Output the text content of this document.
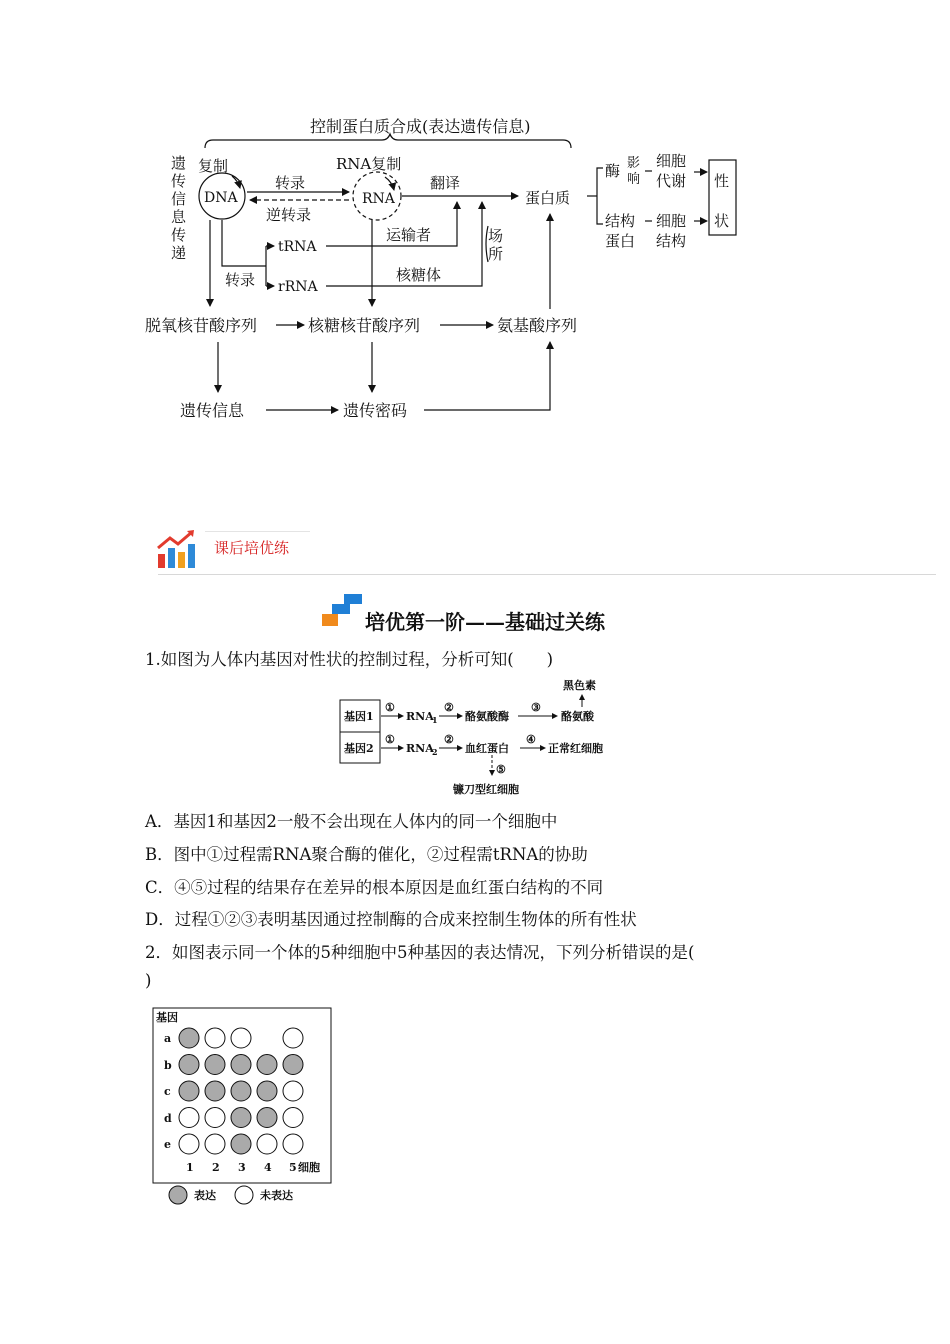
控制蛋白质合成(表达遗传信息)
遗
传
信
息
传
递
复制
DNA
RNA复制
RNA
转录
逆转录
翻译
蛋白质
酶 影
响
细胞
代谢 性
状
结构
蛋白
细胞
结构
tRNA
rRNA
转录
运输者
核糖体
场
所
脱氧核苷酸序列	核糖核苷酸序列	氨基酸序列
遗传信息	遗传密码
课后培优练
培优第一阶——基础过关练
1.如图为人体内基因对性状的控制过程，分析可知(　　)
基因1
基因2
①
RNA
1
②
酪氨酸酶
③
酪氨酸
黑色素
①
RNA
2
②
血红蛋白
④
正常红细胞
⑤
镰刀型红细胞
A．基因1和基因2一般不会出现在人体内的同一个细胞中
B．图中①过程需RNA聚合酶的催化，②过程需tRNA的协助
C．④⑤过程的结果存在差异的根本原因是血红蛋白结构的不同
D．过程①②③表明基因通过控制酶的合成来控制生物体的所有性状
2．如图表示同一个体的5种细胞中5种基因的表达情况，下列分析错误的是(
)
基因
a
b
c
d
e
1 2 3 4 5 细胞
表达	未表达
